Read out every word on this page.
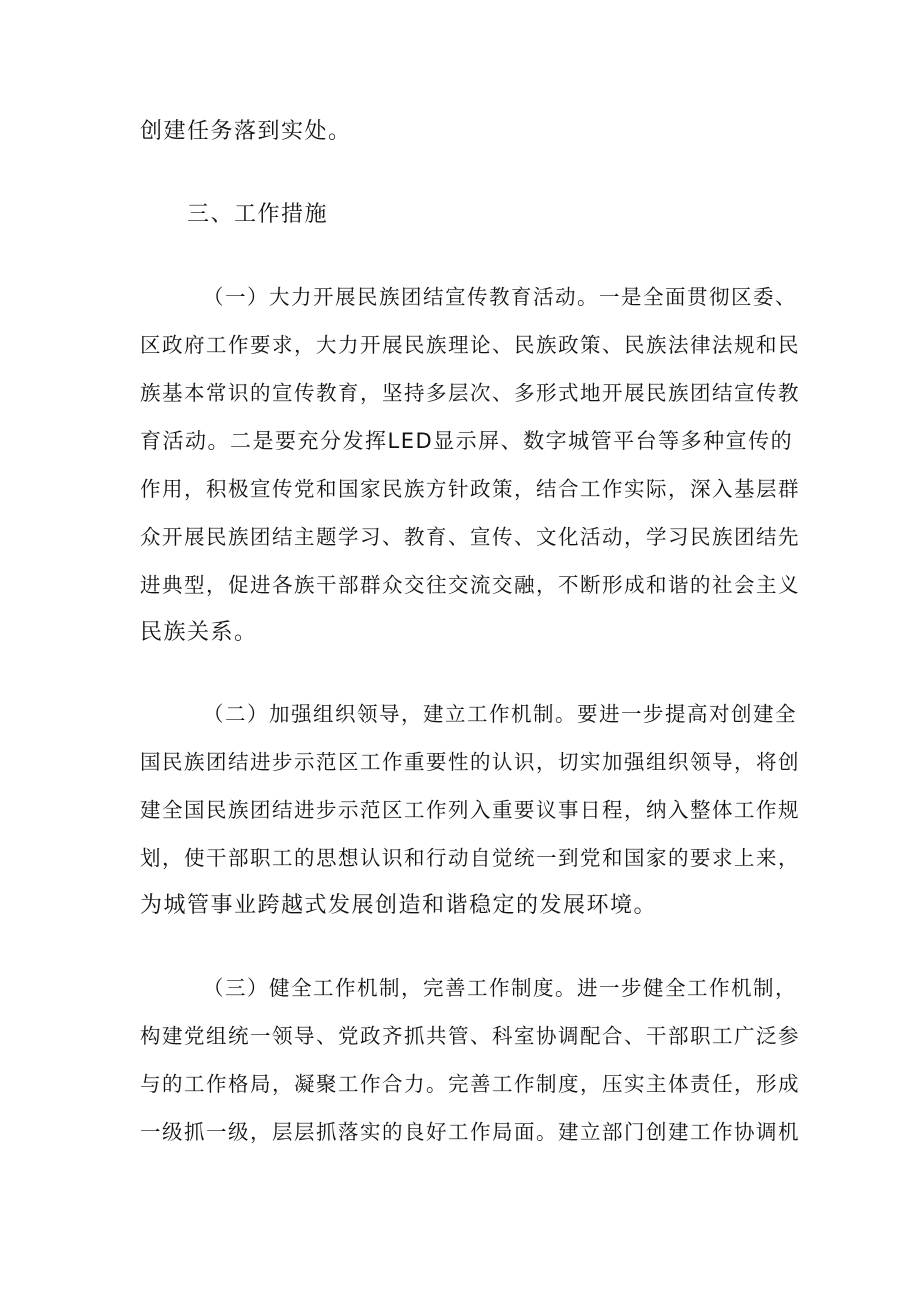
创建任务落到实处。
三、工作措施
（一）大力开展民族团结宣传教育活动。一是全面贯彻区委、
区政府工作要求，大力开展民族理论、民族政策、民族法律法规和民
族基本常识的宣传教育，坚持多层次、多形式地开展民族团结宣传教
育活动。二是要充分发挥LED显示屏、数字城管平台等多种宣传的
作用，积极宣传党和国家民族方针政策，结合工作实际，深入基层群
众开展民族团结主题学习、教育、宣传、文化活动，学习民族团结先
进典型，促进各族干部群众交往交流交融，不断形成和谐的社会主义
民族关系。
（二）加强组织领导，建立工作机制。要进一步提高对创建全
国民族团结进步示范区工作重要性的认识，切实加强组织领导，将创
建全国民族团结进步示范区工作列入重要议事日程，纳入整体工作规
划，使干部职工的思想认识和行动自觉统一到党和国家的要求上来，
为城管事业跨越式发展创造和谐稳定的发展环境。
（三）健全工作机制，完善工作制度。进一步健全工作机制，
构建党组统一领导、党政齐抓共管、科室协调配合、干部职工广泛参
与的工作格局，凝聚工作合力。完善工作制度，压实主体责任，形成
一级抓一级，层层抓落实的良好工作局面。建立部门创建工作协调机
